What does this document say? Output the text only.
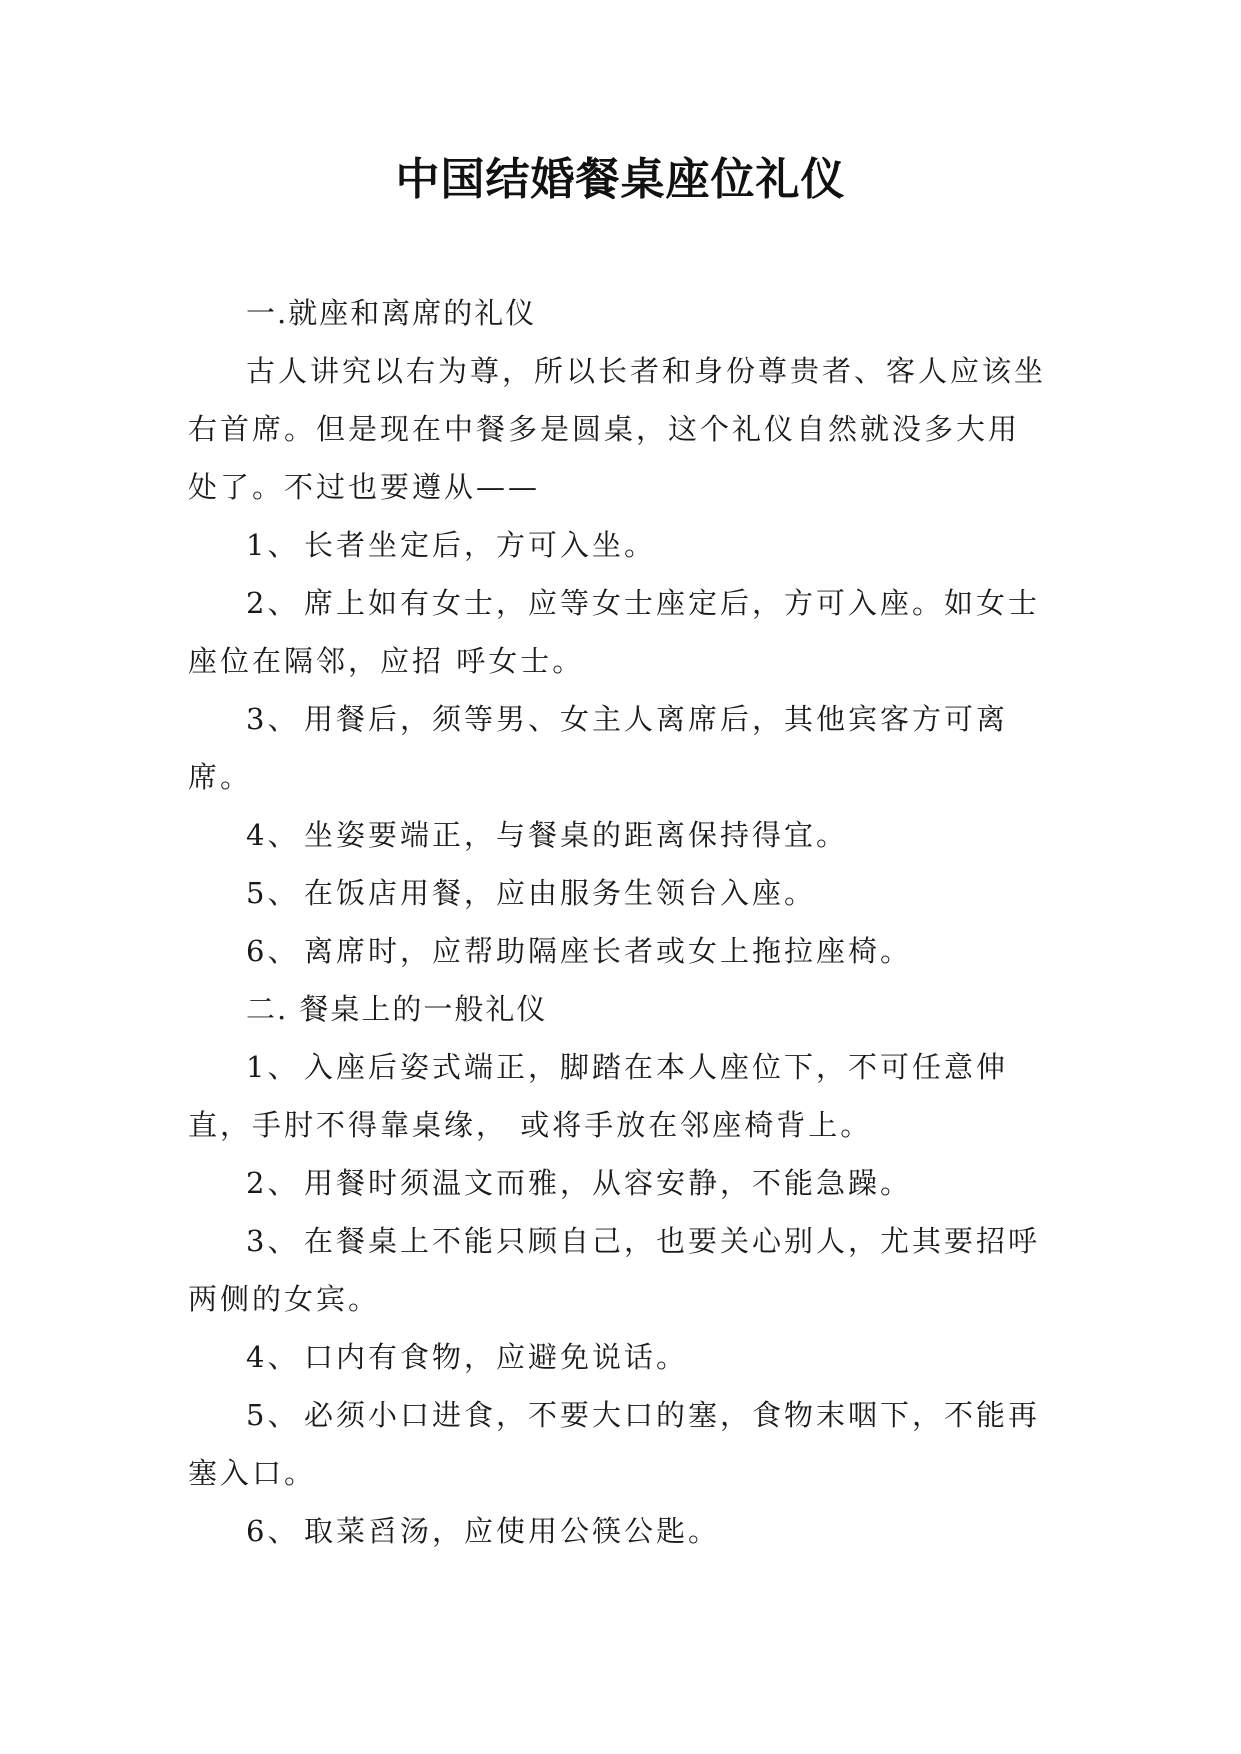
中国结婚餐桌座位礼仪

一.就座和离席的礼仪

古人讲究以右为尊，所以长者和身份尊贵者、客人应该坐右首席。但是现在中餐多是圆桌，这个礼仪自然就没多大用处了。不过也要遵从——

1、 长者坐定后，方可入坐。

2、 席上如有女士，应等女士座定后，方可入座。如女士座位在隔邻，应招 呼女士。

3、 用餐后，须等男、女主人离席后，其他宾客方可离席。

4、 坐姿要端正，与餐桌的距离保持得宜。

5、 在饭店用餐，应由服务生领台入座。

6、 离席时，应帮助隔座长者或女上拖拉座椅。

二. 餐桌上的一般礼仪

1、 入座后姿式端正，脚踏在本人座位下，不可任意伸直，手肘不得靠桌缘， 或将手放在邻座椅背上。

2、 用餐时须温文而雅，从容安静，不能急躁。

3、 在餐桌上不能只顾自己，也要关心别人，尤其要招呼两侧的女宾。

4、 口内有食物，应避免说话。

5、 必须小口进食，不要大口的塞，食物末咽下，不能再塞入口。

6、 取菜舀汤，应使用公筷公匙。
